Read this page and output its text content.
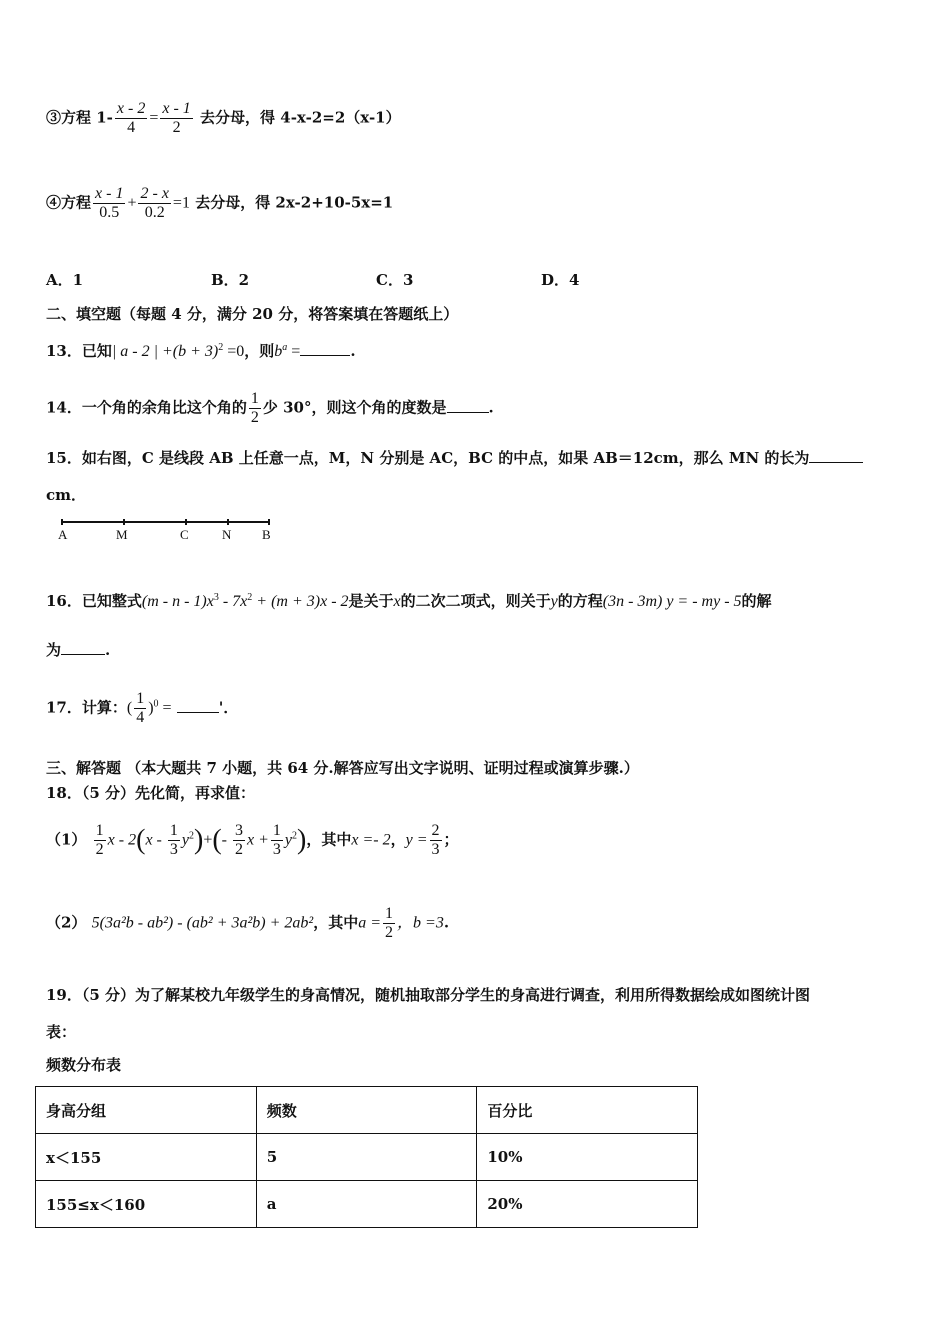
③方程 $1- \frac{x - 2}{4} = \frac{x - 1}{2}$ 去分母，得 4-x-2=2（x-1）
④方程 $\frac{x - 1}{0.5} + \frac{2 - x}{0.2} =1$ 去分母，得 2x-2+10-5x=1
A．1	B．2	C．3	D．4
二、填空题（每题 4 分，满分 20 分，将答案填在答题纸上）
13．已知| a - 2 | $+(b + 3)^2 =0$，则$b^a$ =	.
14．一个角的余角比这个角的 $\frac{1}{2}$ 少 30°，则这个角的度数是	.
15．如右图，C 是线段 AB 上任意一点，M，N 分别是 AC，BC 的中点，如果 AB＝12cm，那么 MN 的长为
cm．
A	M	C	N B
16．已知整式$(m - n - 1)x^3 - 7x^2 + (m + 3)x - 2$是关于x的二次二项式，则关于y的方程(3n - 3m) y = - my - 5的解
为	.
17．计算：( $\frac{1}{4} )^0$ =	'．
三、解答题 （本大题共 7 小题，共 64 分.解答应写出文字说明、证明过程或演算步骤.）
18．（5 分）先化简，再求值：
$(1) \frac{1}{2}$ $x - 2(x - \frac{1}{3} y^2)+(- \frac{3}{2}$ $x + \frac{1}{3} y^2$)，其中x =- 2，$y = \frac{2}{3}$ ；
（2） 5(3a²b - ab²) - (ab² + 3a²b) + 2ab²，其中$a = \frac{1}{2}$ ，b =3.
19．（5 分）为了解某校九年级学生的身高情况，随机抽取部分学生的身高进行调查，利用所得数据绘成如图统计图
表：
频数分布表
身高分组	频数	百分比
x＜155	5	10%
155≤x＜160	a	20%
